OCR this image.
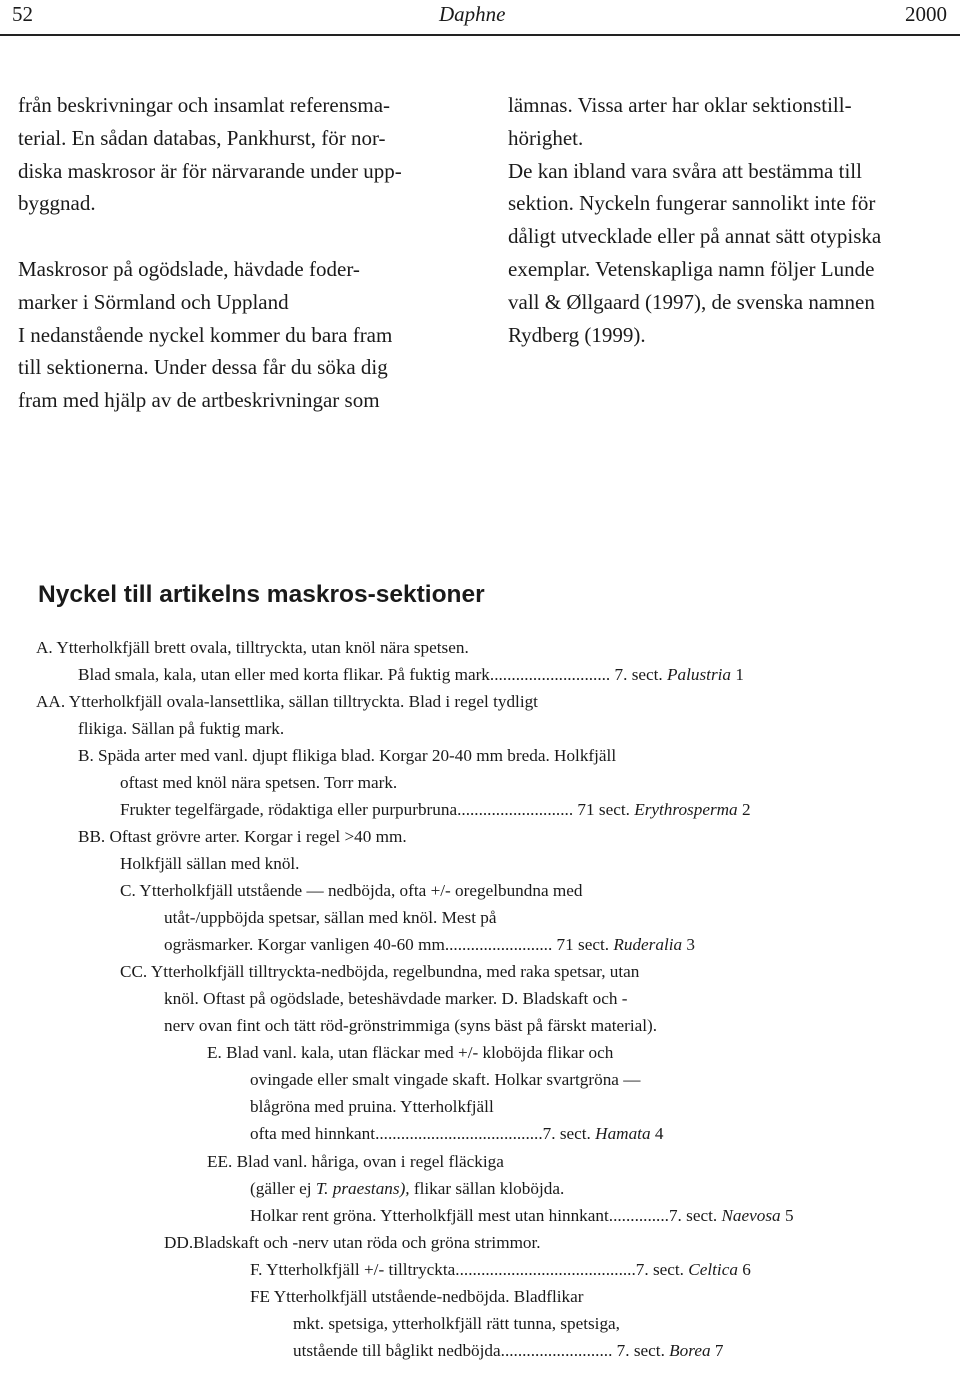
52	Daphne	2000
från beskrivningar och insamlat referensma-
terial. En sådan databas, Pankhurst, för nor-
diska maskrosor är för närvarande under upp-
byggnad.
Maskrosor på ogödslade, hävdade foder-
marker i Sörmland och Uppland
I nedanstående nyckel kommer du bara fram
till sektionerna. Under dessa får du söka dig
fram med hjälp av de artbeskrivningar som
lämnas. Vissa arter har oklar sektionstill-
hörighet.
De kan ibland vara svåra att bestämma till
sektion. Nyckeln fungerar sannolikt inte för
dåligt utvecklade eller på annat sätt otypiska
exemplar. Vetenskapliga namn följer Lunde
vall & Øllgaard (1997), de svenska namnen
Rydberg (1999).
Nyckel till artikelns maskros-sektioner
A. Ytterholkfjäll brett ovala, tilltryckta, utan knöl nära spetsen.
Blad smala, kala, utan eller med korta flikar. På fuktig mark............................ 7. sect. Palustria 1
AA. Ytterholkfjäll ovala-lansettlika, sällan tilltryckta. Blad i regel tydligt
flikiga. Sällan på fuktig mark.
B. Späda arter med vanl. djupt flikiga blad. Korgar 20-40 mm breda. Holkfjäll
oftast med knöl nära spetsen. Torr mark.
Frukter tegelfärgade, rödaktiga eller purpurbruna........................... 71 sect. Erythrosperma 2
BB. Oftast grövre arter. Korgar i regel >40 mm.
Holkfjäll sällan med knöl.
C. Ytterholkfjäll utstående — nedböjda, ofta +/- oregelbundna med
utåt-/uppböjda spetsar, sällan med knöl. Mest på
ogräsmarker. Korgar vanligen 40-60 mm......................... 71 sect. Ruderalia 3
CC. Ytterholkfjäll tilltryckta-nedböjda, regelbundna, med raka spetsar, utan
knöl. Oftast på ogödslade, beteshävdade marker. D. Bladskaft och -
nerv ovan fint och tätt röd-grönstrimmiga (syns bäst på färskt material).
E. Blad vanl. kala, utan fläckar med +/- kloböjda flikar och
ovingade eller smalt vingade skaft. Holkar svartgröna —
blågröna med pruina. Ytterholkfjäll
ofta med hinnkant.......................................7. sect. Hamata 4
EE. Blad vanl. håriga, ovan i regel fläckiga
(gäller ej T. praestans), flikar sällan kloböjda.
Holkar rent gröna. Ytterholkfjäll mest utan hinnkant..............7. sect. Naevosa 5
DD.Bladskaft och -nerv utan röda och gröna strimmor.
F. Ytterholkfjäll +/- tilltryckta..........................................7. sect. Celtica 6
FE Ytterholkfjäll utstående-nedböjda. Bladflikar
mkt. spetsiga, ytterholkfjäll rätt tunna, spetsiga,
utstående till båglikt nedböjda.......................... 7. sect. Borea 7
